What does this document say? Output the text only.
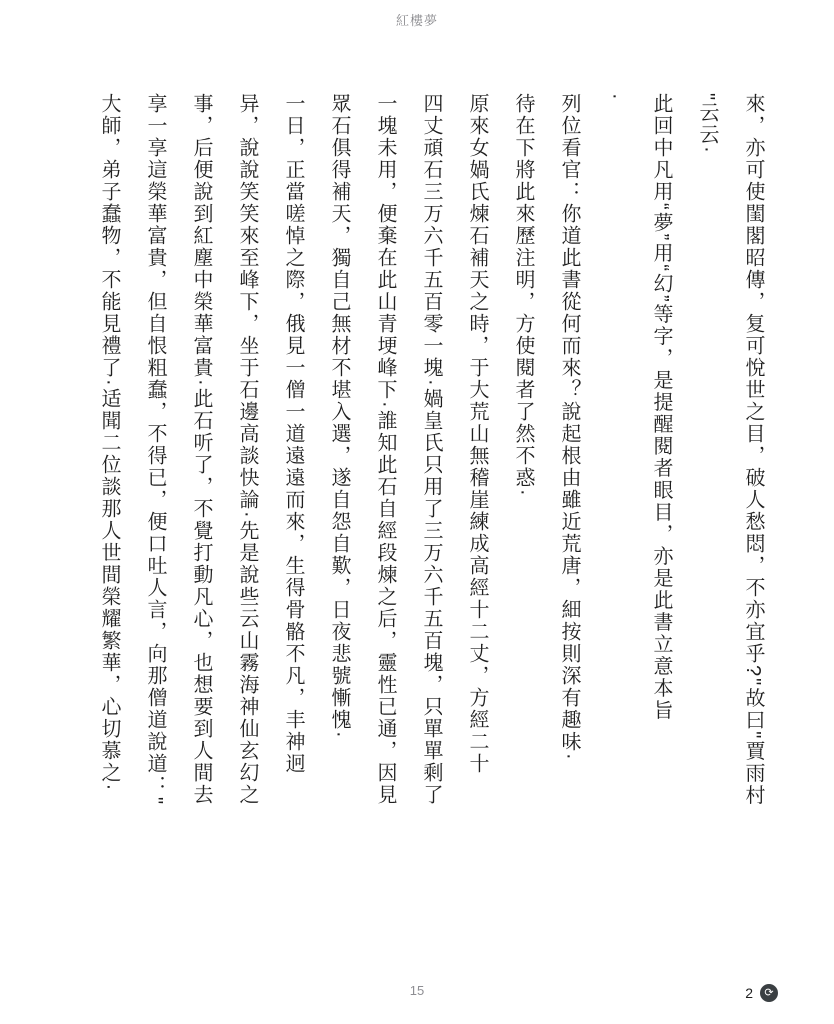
紅樓夢
來，亦可使閨閣昭傳，复可悅世之目，破人愁悶，不亦宜乎?"故曰"賈雨村
"云云·
此回中凡用“夢”用“幻”等字，是提醒閱者眼目，亦是此書立意本旨
·
列位看官：你道此書從何而來？說起根由雖近荒唐，細按則深有趣味·
待在下將此來歷注明，方使閱者了然不惑·
原來女媧氏煉石補天之時，于大荒山無稽崖練成高經十二丈，方經二十
四丈頑石三万六千五百零一塊·媧皇氏只用了三万六千五百塊，只單單剩了
一塊未用，便棄在此山青埂峰下·誰知此石自經段煉之后，靈性已通，因見
眾石俱得補天，獨自己無材不堪入選，遂自怨自歎，日夜悲號慚愧·
一日，正當嗟悼之際，俄見一僧一道遠遠而來，生得骨骼不凡，丰神迥
异，說說笑笑來至峰下，坐于石邊高談快論·先是說些云山霧海神仙玄幻之
事，后便說到紅塵中榮華富貴·此石听了，不覺打動凡心，也想要到人間去
享一享這榮華富貴，但自恨粗蠢，不得已，便口吐人言，向那僧道說道："
大師，弟子蠢物，不能見禮了·适聞二位談那人世間榮耀繁華，心切慕之·
15	2	⟳
